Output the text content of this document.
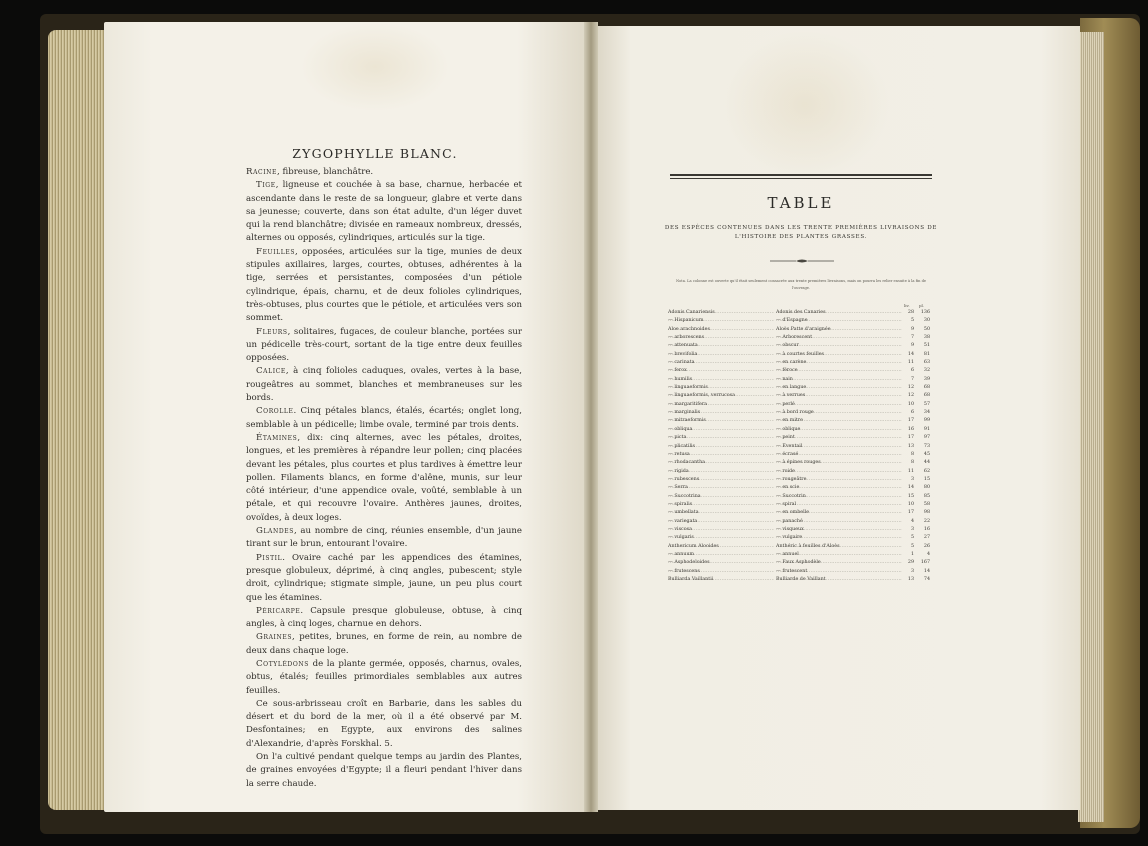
ZYGOPHYLLE BLANC.

Racine, fibreuse, blanchâtre.

Tige, ligneuse et couchée à sa base, charnue, herbacée et ascendante dans le reste de sa longueur, glabre et verte dans sa jeunesse; couverte, dans son état adulte, d'un léger duvet qui la rend blanchâtre; divisée en rameaux nombreux, dressés, alternes ou opposés, cylindriques, articulés sur la tige.

Feuilles, opposées, articulées sur la tige, munies de deux stipules axillaires, larges, courtes, obtuses, adhérentes à la tige, serrées et persistantes, composées d'un pétiole cylindrique, épais, charnu, et de deux folioles cylindriques, très-obtuses, plus courtes que le pétiole, et articulées vers son sommet.

Fleurs, solitaires, fugaces, de couleur blanche, portées sur un pédicelle très-court, sortant de la tige entre deux feuilles opposées.

Calice, à cinq folioles caduques, ovales, vertes à la base, rougeâtres au sommet, blanches et membraneuses sur les bords.

Corolle. Cinq pétales blancs, étalés, écartés; onglet long, semblable à un pédicelle; limbe ovale, terminé par trois dents.

Étamines, dix: cinq alternes, avec les pétales, droites, longues, et les premières à répandre leur pollen; cinq placées devant les pétales, plus courtes et plus tardives à émettre leur pollen. Filaments blancs, en forme d'alêne, munis, sur leur côté intérieur, d'une appendice ovale, voûté, semblable à un pétale, et qui recouvre l'ovaire. Anthères jaunes, droites, ovoïdes, à deux loges.

Glandes, au nombre de cinq, réunies ensemble, d'un jaune tirant sur le brun, entourant l'ovaire.

Pistil. Ovaire caché par les appendices des étamines, presque globuleux, déprimé, à cinq angles, pubescent; style droit, cylindrique; stigmate simple, jaune, un peu plus court que les étamines.

Péricarpe. Capsule presque globuleuse, obtuse, à cinq angles, à cinq loges, charnue en dehors.

Graines, petites, brunes, en forme de rein, au nombre de deux dans chaque loge.

Cotylédons de la plante germée, opposés, charnus, ovales, obtus, étalés; feuilles primordiales semblables aux autres feuilles.

Ce sous-arbrisseau croît en Barbarie, dans les sables du désert et du bord de la mer, où il a été observé par M. Desfontaines; en Egypte, aux environs des salines d'Alexandrie, d'après Forskhal. 5.

On l'a cultivé pendant quelque temps au jardin des Plantes, de graines envoyées d'Egypte; il a fleuri pendant l'hiver dans la serre chaude.

TABLE
DES ESPÈCES CONTENUES DANS LES TRENTE PREMIÈRES LIVRAISONS DE
L'HISTOIRE DES PLANTES GRASSES.
Nota. La colonne est ouverte qu'il était seulement consacrée aux trente premières livraisons, mais on pourra les relier ensuite à la fin de
l'ouvrage.
liv. pl.
Adonis Canariensis .....	Adonis des Canaries .....	28	136
— Hispanicum .....	— d'Espagne .....	5	30
Aloe arachnoides .....	Aloès Patte d'araignée .....	9	50
— arborescens .....	— Arborescent .....	7	38
— attenuata .....	— obscur .....	9	51
— brevifolia .....	— à courtes feuilles .....	14	81
— carinata .....	— en carène .....	11	63
— ferox .....	— féroce .....	6	32
— humilis .....	— nain .....	7	39
— linguaeformis .....	— en langue .....	12	68
— linguaeformis, verrucosa .....	— à verrues .....	12	68
— margaritifera .....	— perlé .....	10	57
— marginalis .....	— à bord rouge .....	6	34
— mitraeformis .....	— en mitre .....	17	99
— obliqua .....	— oblique .....	16	91
— picta .....	— peint .....	17	97
— plicatilis .....	— Éventail .....	13	73
— retusa .....	— écrasé .....	8	45
— rhodacantha .....	— à épines rouges .....	8	44
— rigida .....	— roide .....	11	62
— rubescens .....	— rougeâtre .....	3	15
— Serra .....	— en scie .....	14	80
— Succotrina .....	— Succotrin .....	15	85
— spiralis .....	— spiral .....	10	58
— umbellata .....	— en ombelle .....	17	98
— variegata .....	— panaché .....	4	22
— viscosa .....	— visqueux .....	3	16
— vulgaris .....	— vulgaire .....	5	27
Anthericum Alooides .....	Anthéric à feuilles d'Aloès .....	5	26
— annuum .....	— annuel .....	1	4
— Asphodeloides .....	— Faux Asphodèle .....	29	167
— frutescens .....	— frutescent .....	3	14
Bulliarda Vaillantii .....	Bulliarde de Vaillant .....	13	74
